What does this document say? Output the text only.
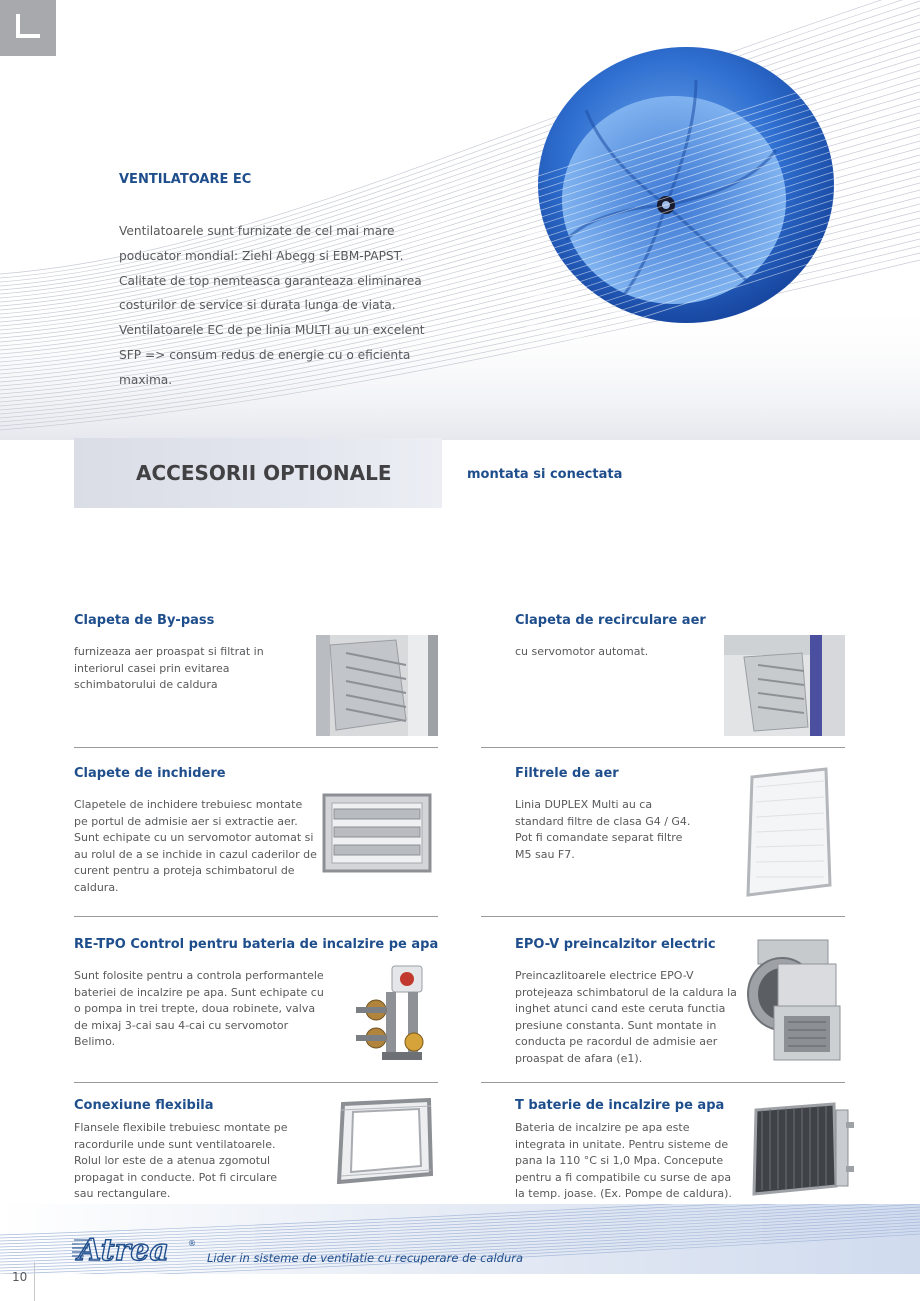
VENTILATOARE EC
Ventilatoarele sunt furnizate de cel mai mare poducator mondial: Ziehl Abegg si EBM-PAPST. Calitate de top nemteasca garanteaza eliminarea costurilor de service si durata lunga de viata. Ventilatoarele EC de pe linia MULTI au un excelent SFP => consum redus de energie cu o eficienta maxima.
ACCESORII OPTIONALE	montata si conectata
Clapeta de By-pass
furnizeaza aer proaspat si filtrat in interiorul casei prin evitarea schimbatorului de caldura
Clapeta de recirculare aer
cu servomotor automat.
Clapete de inchidere
Clapetele de inchidere trebuiesc montate pe portul de admisie aer si extractie aer. Sunt echipate cu un servomotor automat si au rolul de a se inchide in cazul caderilor de curent pentru a proteja schimbatorul de caldura.
Filtrele de aer
Linia DUPLEX Multi au ca standard filtre de clasa G4 / G4. Pot fi comandate separat filtre M5 sau F7.
RE-TPO Control pentru bateria de incalzire pe apa
Sunt folosite pentru a controla performantele bateriei de incalzire pe apa. Sunt echipate cu o pompa in trei trepte, doua robinete, valva de mixaj 3-cai sau 4-cai cu servomotor Belimo.
EPO-V preincalzitor electric
Preincazlitoarele electrice EPO-V protejeaza schimbatorul de la caldura la inghet atunci cand este ceruta functia presiune constanta. Sunt montate in conducta pe racordul de admisie aer proaspat de afara (e1).
Conexiune flexibila
Flansele flexibile trebuiesc montate pe racordurile unde sunt ventilatoarele. Rolul lor este de a atenua zgomotul propagat in conducte. Pot fi circulare sau rectangulare.
T baterie de incalzire pe apa
Bateria de incalzire pe apa este integrata in unitate. Pentru sisteme de pana la 110 °C si 1,0 Mpa. Concepute pentru a fi compatibile cu surse de apa la temp. joase. (Ex. Pompe de caldura).
Atrea ®
Lider in sisteme de ventilatie cu recuperare de caldura
10
